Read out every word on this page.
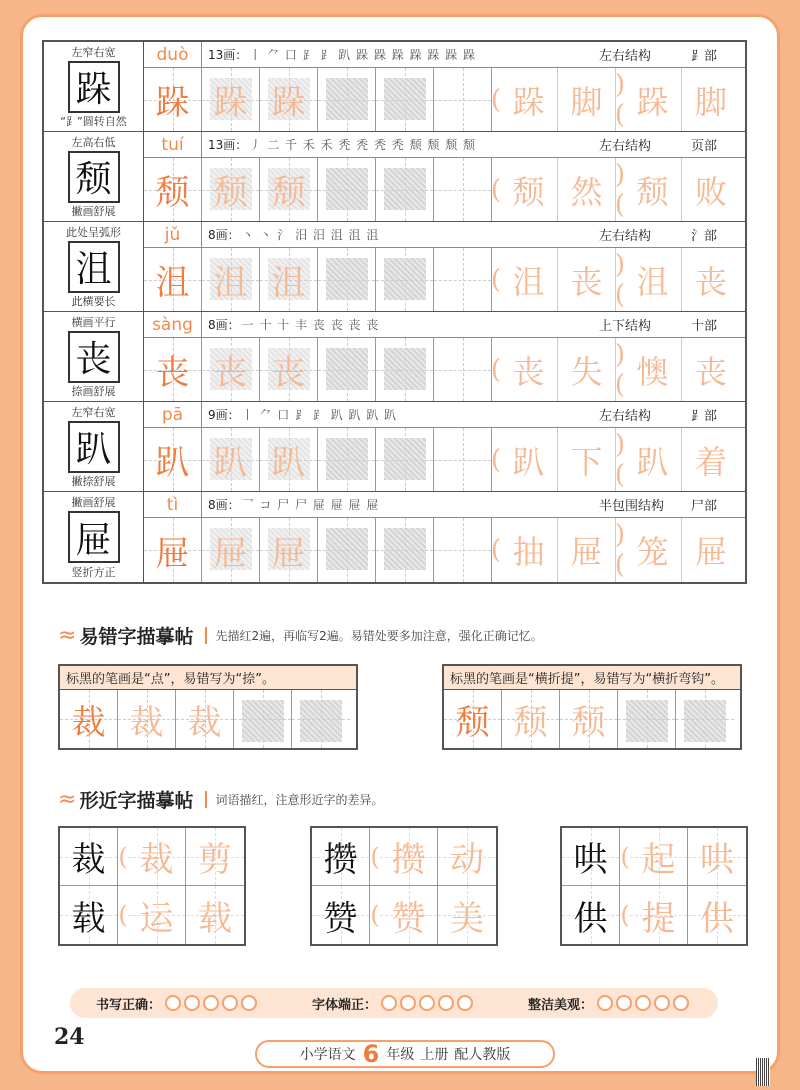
左窄右宽
跺
“⻊”圆转自然
duò	13画： 丨 ⺈ 口 ⻊ ⻊ 趴 跺 跺 跺 跺 跺 跺 跺	左右结构	⻊部
跺 跺 跺	( 跺 脚 )( 跺 脚
左高右低
颓
撇画舒展
tuí	13画： 丿 二 千 禾 禾 秃 秃 秃 秃 颓 颓 颓 颓	左右结构	页部
颓 颓 颓	( 颓 然 )( 颓 败
此处呈弧形
沮
此横要长
jǔ	8画： 丶 丶 氵 汨 汨 沮 沮 沮	左右结构	氵部
沮 沮 沮	( 沮 丧 )( 沮 丧
横画平行
丧
捺画舒展
sàng	8画： 一 十 十 丰 丧 丧 丧 丧	上下结构	十部
丧 丧 丧	( 丧 失 )( 懊 丧
左窄右宽
趴
撇捺舒展
pā	9画： 丨 ⺈ 口 ⻊ ⻊ 趴 趴 趴 趴	左右结构	⻊部
趴 趴 趴	( 趴 下 )( 趴 着
撇画舒展
屉
竖折方正
tì	8画： 乛 コ 尸 尸 屉 屉 屉 屉	半包围结构	尸部
屉 屉 屉	( 抽 屉 )( 笼 屉
≈ 易错字描摹帖	先描红2遍，再临写2遍。易错处要多加注意，强化正确记忆。
标黑的笔画是“点”，易错写为“捺”。
裁 裁 裁
标黑的笔画是“横折提”，易错写为“横折弯钩”。
颓 颓 颓
≈ 形近字描摹帖	词语描红，注意形近字的差异。
裁 ( 裁 剪
载 ( 运 载
攒 ( 攒 动
赞 ( 赞 美
哄 ( 起 哄
供 ( 提 供
书写正确：	字体端正：	整洁美观：
24
小学语文 6 年级 上册 配人教版
